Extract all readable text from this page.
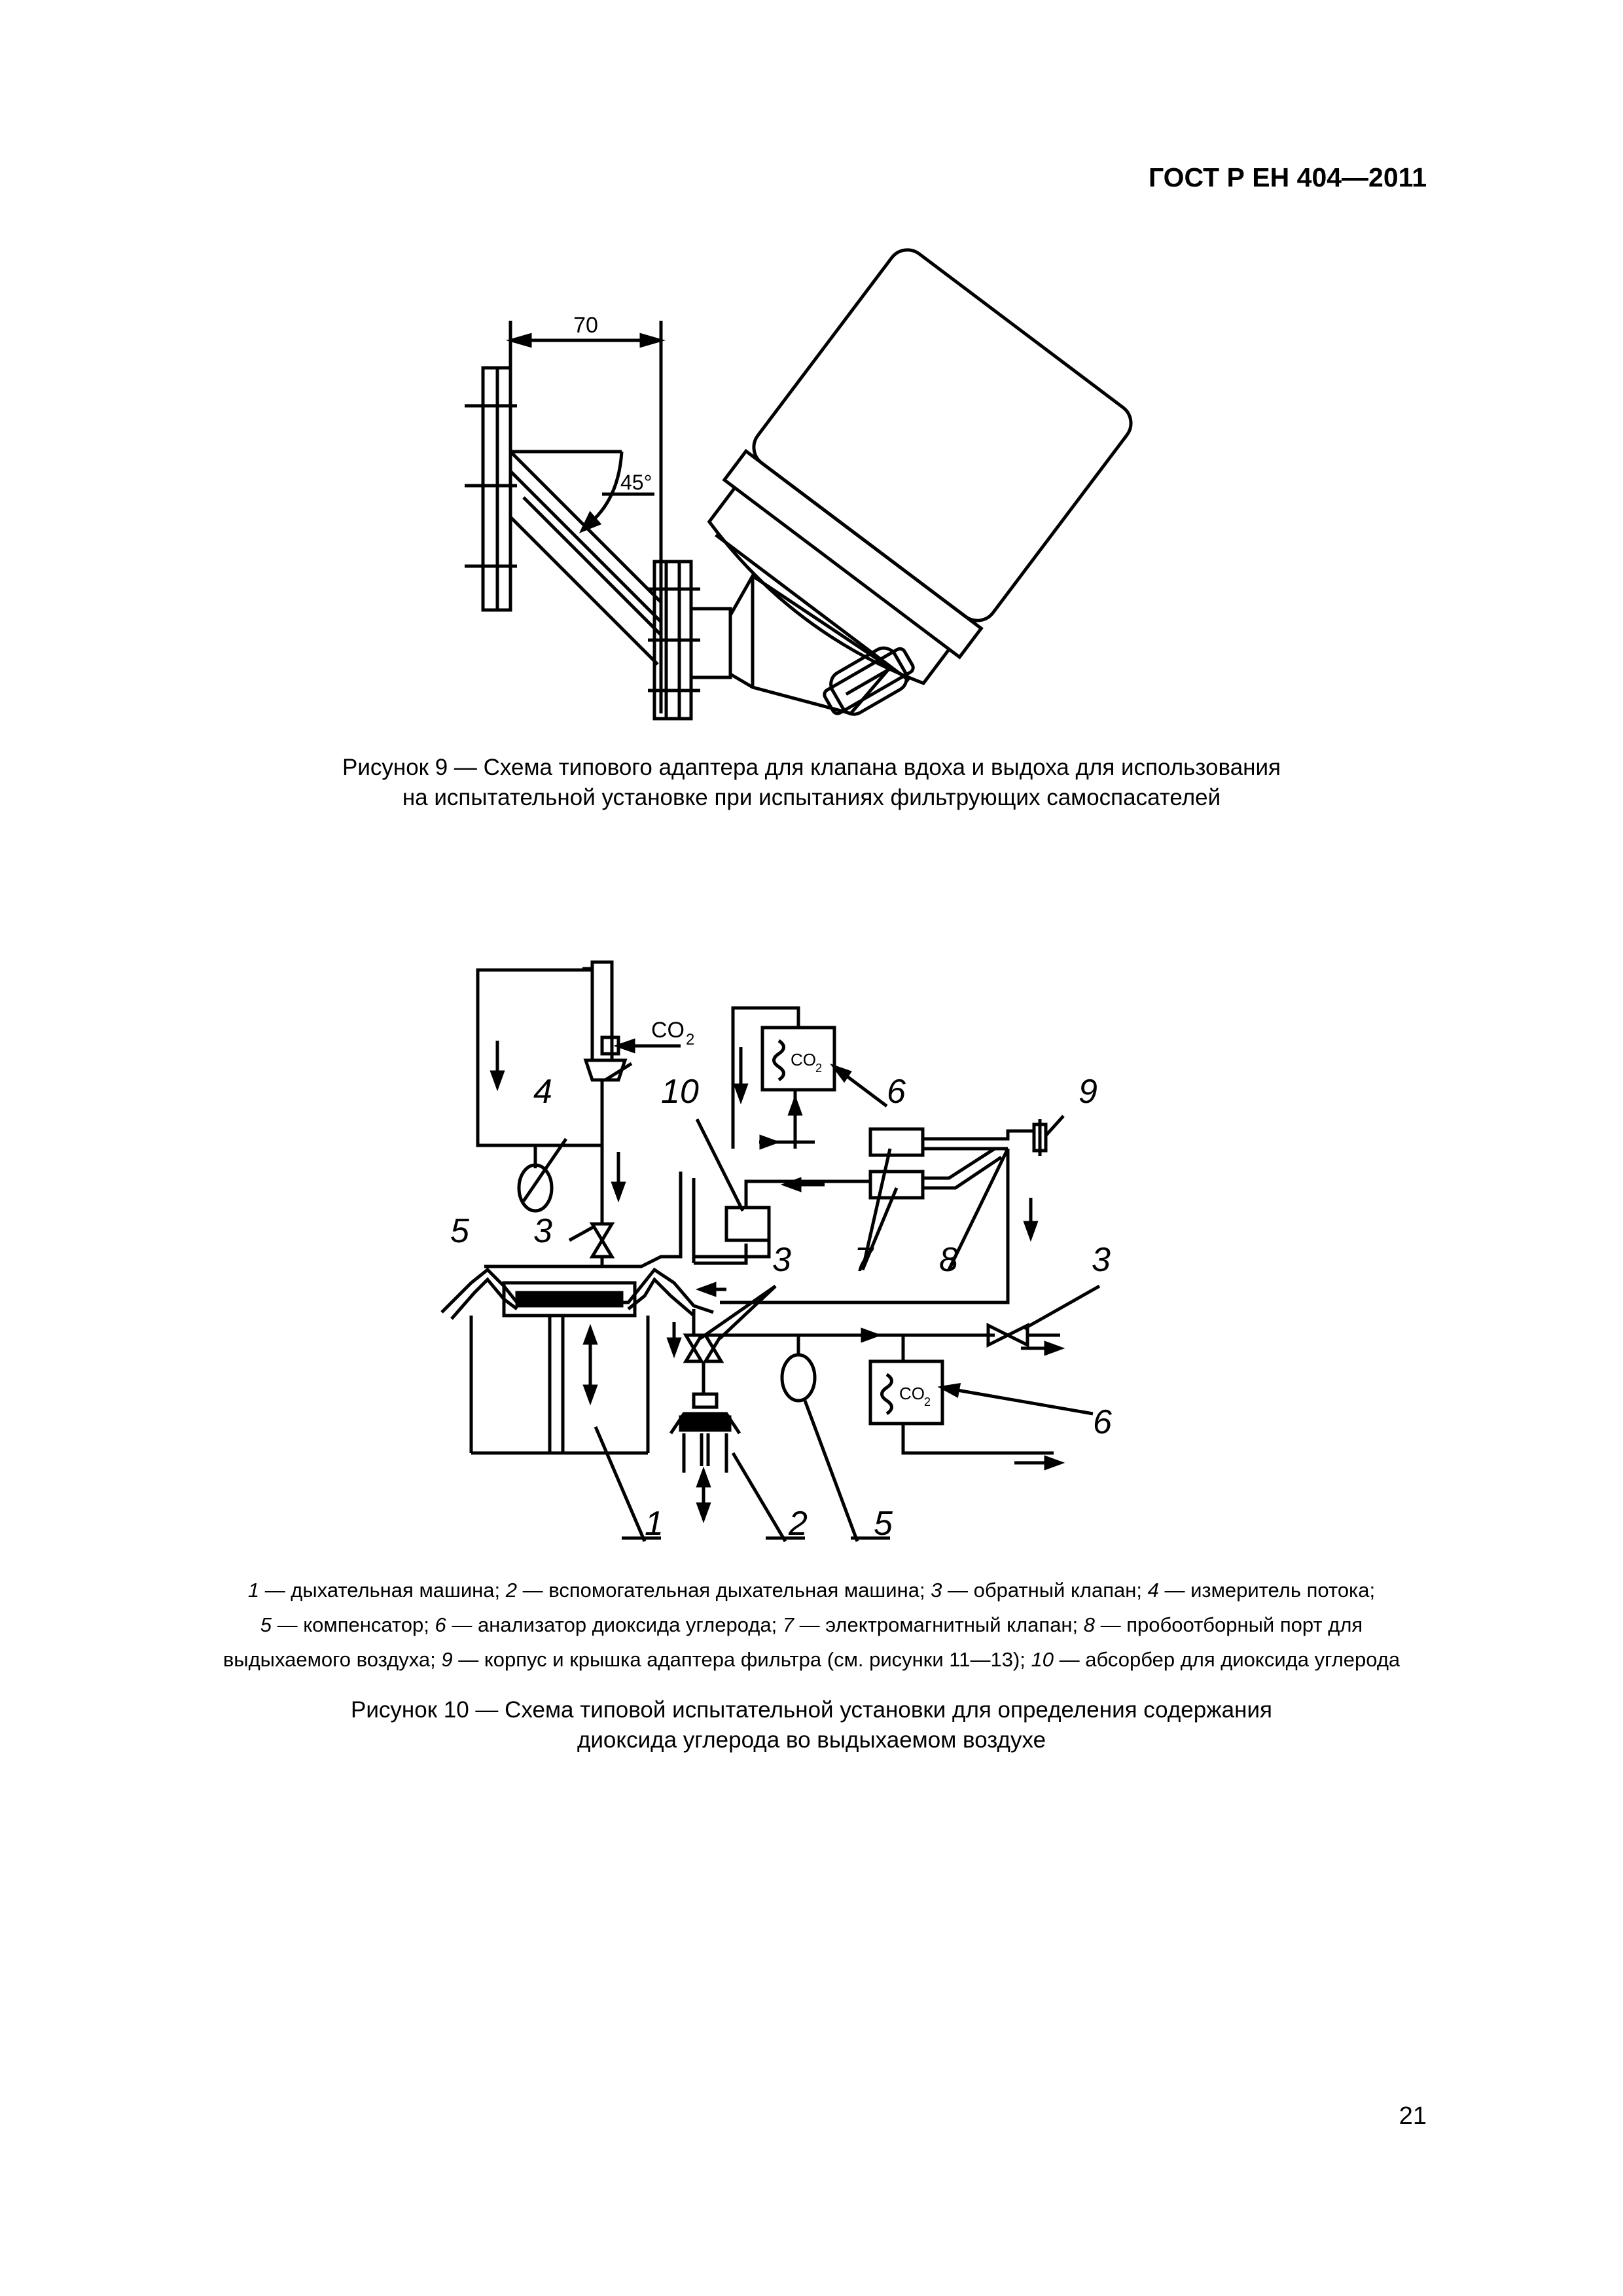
ГОСТ Р ЕН 404—2011
70
45°
Рисунок 9 — Схема типового адаптера для клапана вдоха и выдоха для использования
на испытательной установке при испытаниях фильтрующих самоспасателей
CO 2
CO 2
CO 2
4	10	6	9
5 3
3 7 8	3
6
1	2 5
1 — дыхательная машина; 2 — вспомогательная дыхательная машина; 3 — обратный клапан; 4 — измеритель потока;
5 — компенсатор; 6 — анализатор диоксида углерода; 7 — электромагнитный клапан; 8 — пробоотборный порт для
выдыхаемого воздуха; 9 — корпус и крышка адаптера фильтра (см. рисунки 11—13); 10 — абсорбер для диоксида углерода
Рисунок 10 — Схема типовой испытательной установки для определения содержания
диоксида углерода во выдыхаемом воздухе
21
